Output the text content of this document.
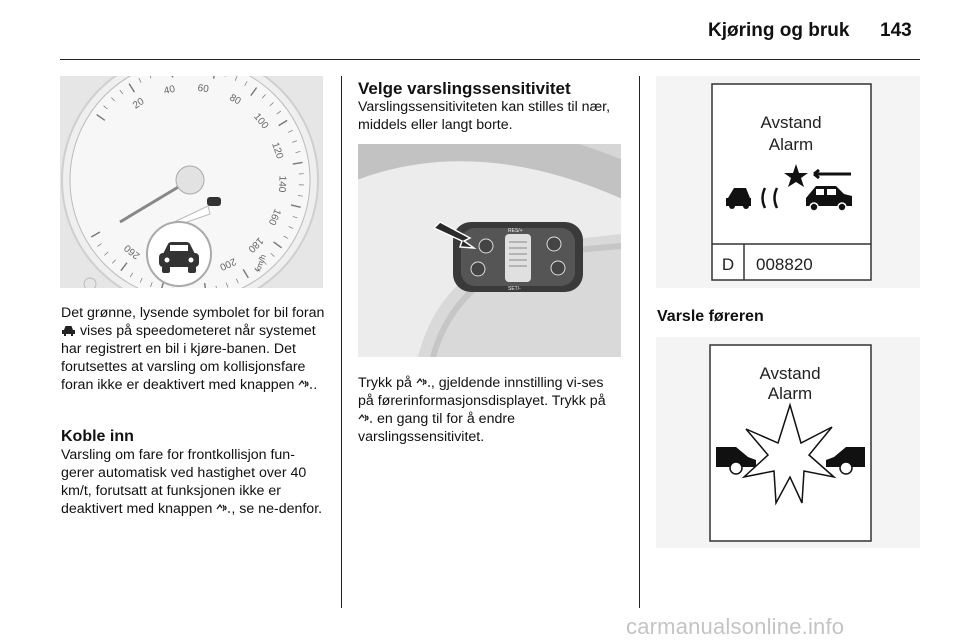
Kjøring og bruk 143
20
40 60
80
100
120
140
160
180
200
260
km/h
Det grønne, lysende symbolet for bil foran  vises på speedometeret når systemet har registrert en bil i kjøre-banen. Det forutsettes at varsling om kollisjonsfare foran ikke er deaktivert med knappen .
Koble inn
Varsling om fare for frontkollisjon fun-gerer automatisk ved hastighet over 40 km/t, forutsatt at funksjonen ikke er deaktivert med knappen , se ne-denfor.
Velge varslingssensitivitet
Varslingssensitiviteten kan stilles til nær, middels eller langt borte.
RES/+
SET/-
Trykk på , gjeldende innstilling vi-ses på førerinformasjonsdisplayet. Trykk på  en gang til for å endre varslingssensitivitet.
Avstand
Alarm
D 008820
Varsle føreren
Avstand
Alarm
carmanualsonline.info
